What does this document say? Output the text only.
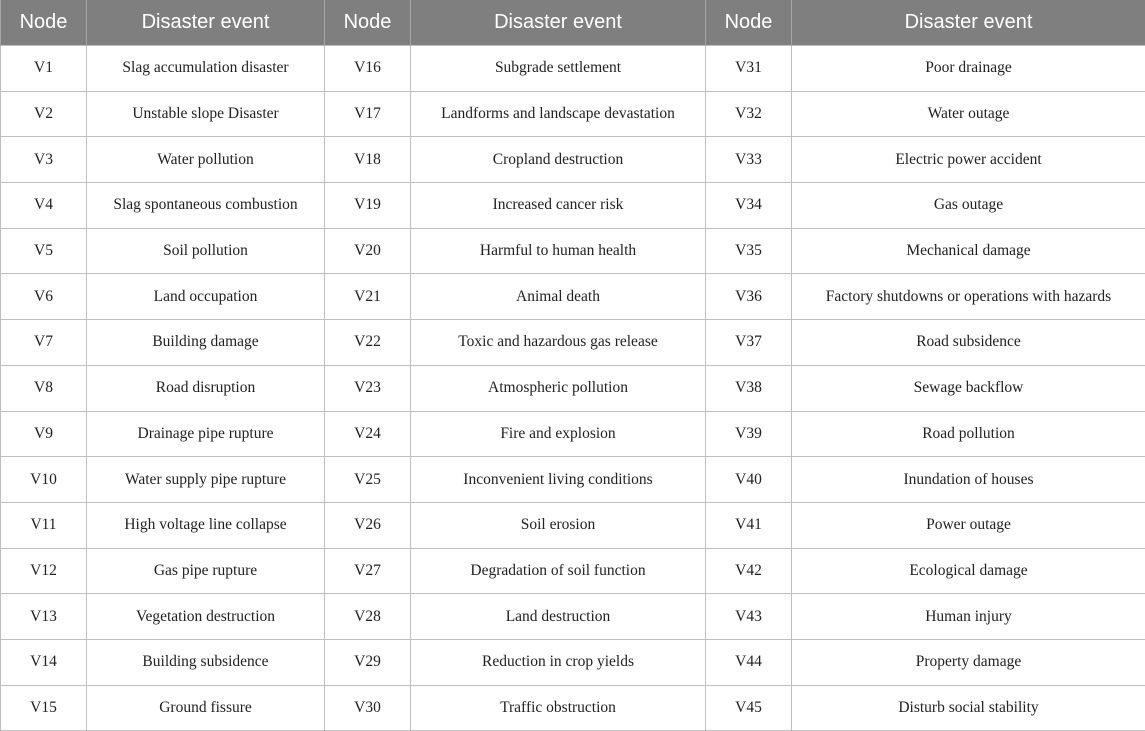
Node	Disaster event	Node	Disaster event	Node	Disaster event
V1	Slag accumulation disaster	V16	Subgrade settlement	V31	Poor drainage
V2	Unstable slope Disaster	V17	Landforms and landscape devastation	V32	Water outage
V3	Water pollution	V18	Cropland destruction	V33	Electric power accident
V4	Slag spontaneous combustion	V19	Increased cancer risk	V34	Gas outage
V5	Soil pollution	V20	Harmful to human health	V35	Mechanical damage
V6	Land occupation	V21	Animal death	V36	Factory shutdowns or operations with hazards
V7	Building damage	V22	Toxic and hazardous gas release	V37	Road subsidence
V8	Road disruption	V23	Atmospheric pollution	V38	Sewage backflow
V9	Drainage pipe rupture	V24	Fire and explosion	V39	Road pollution
V10	Water supply pipe rupture	V25	Inconvenient living conditions	V40	Inundation of houses
V11	High voltage line collapse	V26	Soil erosion	V41	Power outage
V12	Gas pipe rupture	V27	Degradation of soil function	V42	Ecological damage
V13	Vegetation destruction	V28	Land destruction	V43	Human injury
V14	Building subsidence	V29	Reduction in crop yields	V44	Property damage
V15	Ground fissure	V30	Traffic obstruction	V45	Disturb social stability
